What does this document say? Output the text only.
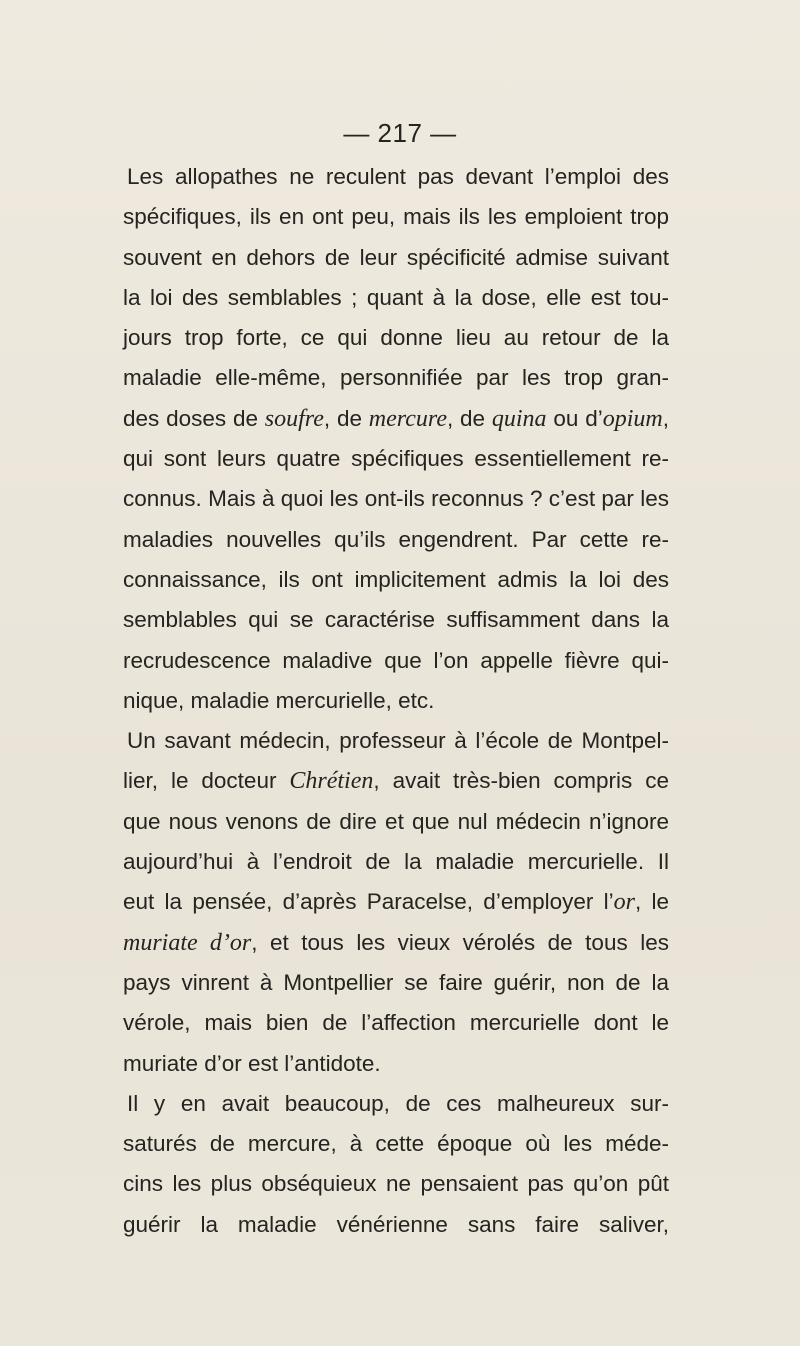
— 217 —
Les allopathes ne reculent pas devant l’emploi des
spécifiques, ils en ont peu, mais ils les emploient trop
souvent en dehors de leur spécificité admise suivant
la loi des semblables ; quant à la dose, elle est tou-
jours trop forte, ce qui donne lieu au retour de la
maladie elle-même, personnifiée par les trop gran-
des doses de soufre, de mercure, de quina ou d’opium,
qui sont leurs quatre spécifiques essentiellement re-
connus. Mais à quoi les ont-ils reconnus ? c’est par les
maladies nouvelles qu’ils engendrent. Par cette re-
connaissance, ils ont implicitement admis la loi des
semblables qui se caractérise suffisamment dans la
recrudescence maladive que l’on appelle fièvre qui-
nique, maladie mercurielle, etc.
Un savant médecin, professeur à l’école de Montpel-
lier, le docteur Chrétien, avait très-bien compris ce
que nous venons de dire et que nul médecin n’ignore
aujourd’hui à l’endroit de la maladie mercurielle. Il
eut la pensée, d’après Paracelse, d’employer l’or, le
muriate d’or, et tous les vieux vérolés de tous les
pays vinrent à Montpellier se faire guérir, non de la
vérole, mais bien de l’affection mercurielle dont le
muriate d’or est l’antidote.
Il y en avait beaucoup, de ces malheureux sur-
saturés de mercure, à cette époque où les méde-
cins les plus obséquieux ne pensaient pas qu’on pût
guérir la maladie vénérienne sans faire saliver,
